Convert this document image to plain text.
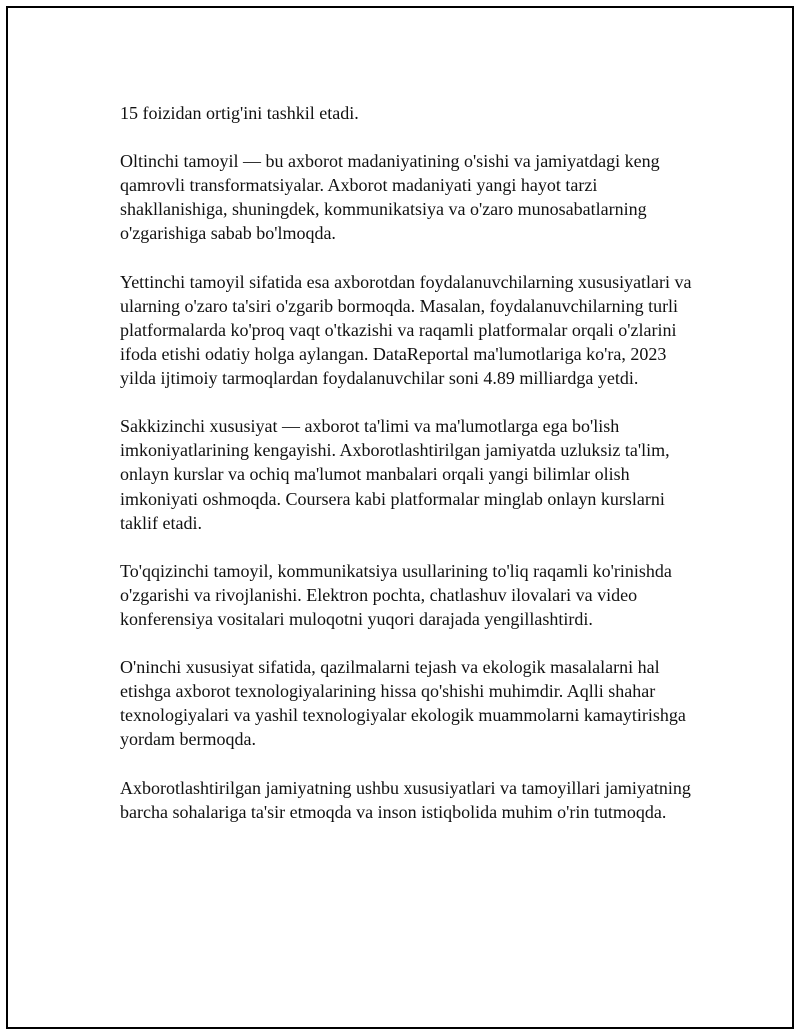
15 foizidan ortig'ini tashkil etadi.

Oltinchi tamoyil — bu axborot madaniyatining o'sishi va jamiyatdagi keng qamrovli transformatsiyalar. Axborot madaniyati yangi hayot tarzi shakllanishiga, shuningdek, kommunikatsiya va o'zaro munosabatlarning o'zgarishiga sabab bo'lmoqda.

Yettinchi tamoyil sifatida esa axborotdan foydalanuvchilarning xususiyatlari va ularning o'zaro ta'siri o'zgarib bormoqda. Masalan, foydalanuvchilarning turli platformalarda ko'proq vaqt o'tkazishi va raqamli platformalar orqali o'zlarini ifoda etishi odatiy holga aylangan. DataReportal ma'lumotlariga ko'ra, 2023 yilda ijtimoiy tarmoqlardan foydalanuvchilar soni 4.89 milliardga yetdi.

Sakkizinchi xususiyat — axborot ta'limi va ma'lumotlarga ega bo'lish imkoniyatlarining kengayishi. Axborotlashtirilgan jamiyatda uzluksiz ta'lim, onlayn kurslar va ochiq ma'lumot manbalari orqali yangi bilimlar olish imkoniyati oshmoqda. Coursera kabi platformalar minglab onlayn kurslarni taklif etadi.

To'qqizinchi tamoyil, kommunikatsiya usullarining to'liq raqamli ko'rinishda o'zgarishi va rivojlanishi. Elektron pochta, chatlashuv ilovalari va video konferensiya vositalari muloqotni yuqori darajada yengillashtirdi.

O'ninchi xususiyat sifatida, qazilmalarni tejash va ekologik masalalarni hal etishga axborot texnologiyalarining hissa qo'shishi muhimdir. Aqlli shahar texnologiyalari va yashil texnologiyalar ekologik muammolarni kamaytirishga yordam bermoqda.

Axborotlashtirilgan jamiyatning ushbu xususiyatlari va tamoyillari jamiyatning barcha sohalariga ta'sir etmoqda va inson istiqbolida muhim o'rin tutmoqda.
